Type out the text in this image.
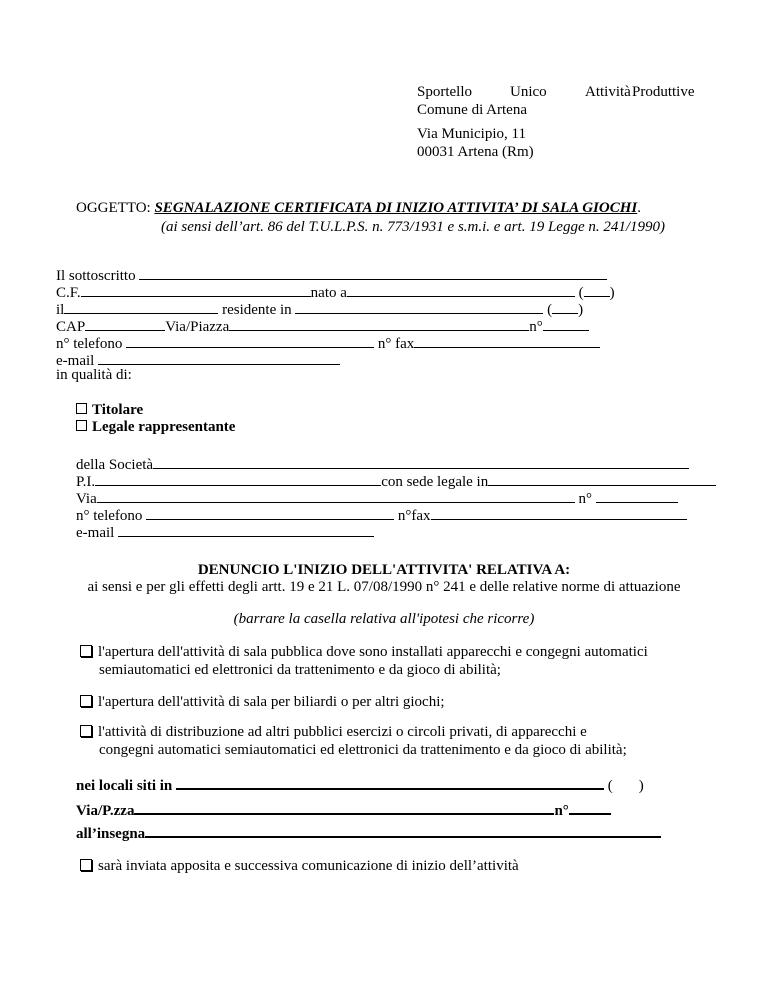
Sportello	Unico	Attività Produttive
Comune di Artena
Via Municipio, 11
00031 Artena (Rm)
OGGETTO: SEGNALAZIONE CERTIFICATA DI INIZIO ATTIVITA’ DI SALA GIOCHI.
(ai sensi dell’art. 86 del T.U.L.P.S. n. 773/1931 e s.m.i. e art. 19 Legge n. 241/1990)
Il sottoscritto
C.F.	nato a	( )
il	residente in	( )
CAP	Via/Piazza	n°
n° telefono	n° fax
e-mail
in qualità di:
Titolare
Legale rappresentante
della Società
P.I.	con sede legale in
Via	n°
n° telefono	n°fax
e-mail
DENUNCIO L'INIZIO DELL'ATTIVITA' RELATIVA A:
ai sensi e per gli effetti degli artt. 19 e 21 L. 07/08/1990 n° 241 e delle relative norme di attuazione
(barrare la casella relativa all'ipotesi che ricorre)
l'apertura dell'attività di sala pubblica dove sono installati apparecchi e congegni automatici
semiautomatici ed elettronici da trattenimento e da gioco di abilità;
l'apertura dell'attività di sala per biliardi o per altri giochi;
l'attività di distribuzione ad altri pubblici esercizi o circoli privati, di apparecchi e
congegni automatici semiautomatici ed elettronici da trattenimento e da gioco di abilità;
nei locali siti in	( )
Via/P.zza	n°
all’insegna
sarà inviata apposita e successiva comunicazione di inizio dell’attività
